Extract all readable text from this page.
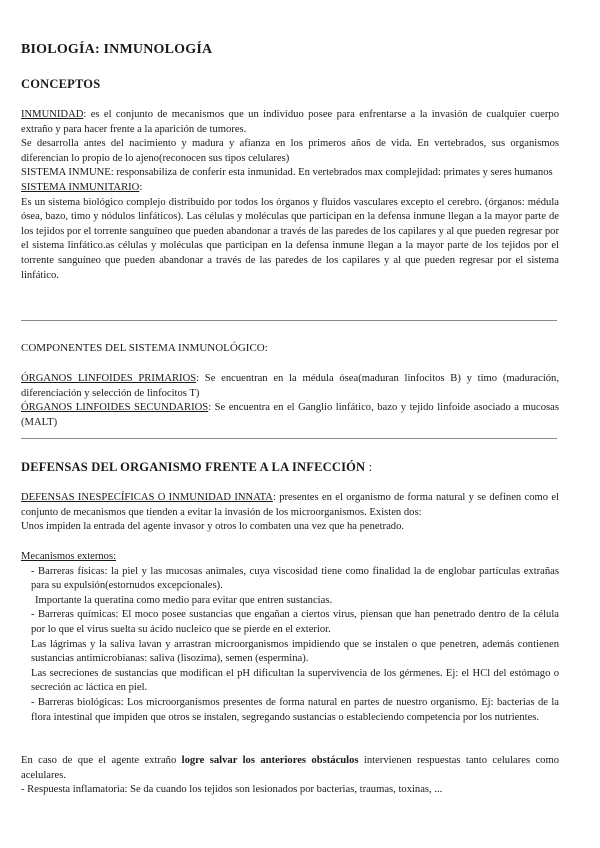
BIOLOGÍA: INMUNOLOGÍA
CONCEPTOS

INMUNIDAD: es el conjunto de mecanismos que un individuo posee para enfrentarse a la invasión de cualquier cuerpo extraño y para hacer frente a la aparición de tumores.

Se desarrolla antes del nacimiento y madura y afianza en los primeros años de vida. En vertebrados, sus organismos diferencian lo propio de lo ajeno(reconocen sus tipos celulares)

SISTEMA INMUNE: responsabiliza de conferir esta inmunidad. En vertebrados max complejidad: primates y seres humanos

SISTEMA INMUNITARIO:

Es un sistema biológico complejo distribuido por todos los órganos y fluidos vasculares excepto el cerebro. (órganos: médula ósea, bazo, timo y nódulos linfáticos). Las células y moléculas que participan en la defensa inmune llegan a la mayor parte de los tejidos por el torrente sanguíneo que pueden abandonar a través de las paredes de los capilares y al que pueden regresar por el sistema linfático.as células y moléculas que participan en la defensa inmune llegan a la mayor parte de los tejidos por el torrente sanguíneo que pueden abandonar a través de las paredes de los capilares y al que pueden regresar por el sistema linfático.

COMPONENTES DEL SISTEMA INMUNOLÓGICO:

ÓRGANOS LINFOIDES PRIMARIOS: Se encuentran en la médula ósea(maduran linfocitos B) y timo (maduración, diferenciación y selección de linfocitos T)

ÓRGANOS LINFOIDES SECUNDARIOS: Se encuentra en el Ganglio linfático, bazo y tejido linfoide asociado a mucosas (MALT)

DEFENSAS DEL ORGANISMO FRENTE A LA INFECCIÓN :

DEFENSAS INESPECÍFICAS O INMUNIDAD INNATA: presentes en el organismo de forma natural y se definen como el conjunto de mecanismos que tienden a evitar la invasión de los microorganismos. Existen dos:

Unos impiden la entrada del agente invasor y otros lo combaten una vez que ha penetrado.

Mecanismos externos:

- Barreras físicas: la piel y las mucosas animales, cuya viscosidad tiene como finalidad la de englobar partículas extrañas para su expulsión(estornudos excepcionales).

Importante la queratina como medio para evitar que entren sustancias.

- Barreras químicas: El moco posee sustancias que engañan a ciertos virus, piensan que han penetrado dentro de la célula por lo que el virus suelta su ácido nucleico que se pierde en el exterior.

Las lágrimas y la saliva lavan y arrastran microorganismos impidiendo que se instalen o que penetren, además contienen sustancias antimicrobianas: saliva (lisozima), semen (espermina).

Las secreciones de sustancias que modifican el pH dificultan la supervivencia de los gérmenes. Ej: el HCl del estómago o secreción ac láctica en piel.

- Barreras biológicas: Los microorganismos presentes de forma natural en partes de nuestro organismo. Ej: bacterias de la flora intestinal que impiden que otros se instalen, segregando sustancias o estableciendo competencia por los nutrientes.

En caso de que el agente extraño logre salvar los anteriores obstáculos intervienen respuestas tanto celulares como acelulares.

- Respuesta inflamatoria: Se da cuando los tejidos son lesionados por bacterias, traumas, toxinas, ...
